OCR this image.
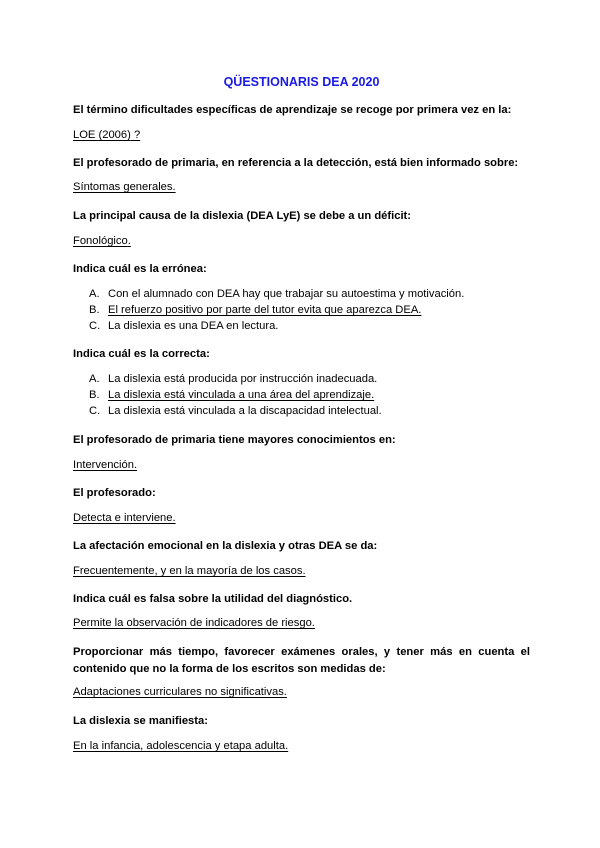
QÜESTIONARIS DEA 2020
El término dificultades específicas de aprendizaje se recoge por primera vez en la:
LOE (2006) ?
El profesorado de primaria, en referencia a la detección, está bien informado sobre:
Síntomas generales.
La principal causa de la dislexia (DEA LyE) se debe a un déficit:
Fonológico.
Indica cuál es la errónea:
A. Con el alumnado con DEA hay que trabajar su autoestima y motivación.
B. El refuerzo positivo por parte del tutor evita que aparezca DEA.
C. La dislexia es una DEA en lectura.
Indica cuál es la correcta:
A. La dislexia está producida por instrucción inadecuada.
B. La dislexia está vinculada a una área del aprendizaje.
C. La dislexia está vinculada a la discapacidad intelectual.
El profesorado de primaria tiene mayores conocimientos en:
Intervención.
El profesorado:
Detecta e interviene.
La afectación emocional en la dislexia y otras DEA se da:
Frecuentemente, y en la mayoría de los casos.
Indica cuál es falsa sobre la utilidad del diagnóstico.
Permite la observación de indicadores de riesgo.
Proporcionar más tiempo, favorecer exámenes orales, y tener más en cuenta el contenido que no la forma de los escritos son medidas de:
Adaptaciones curriculares no significativas.
La dislexia se manifiesta:
En la infancia, adolescencia y etapa adulta.
